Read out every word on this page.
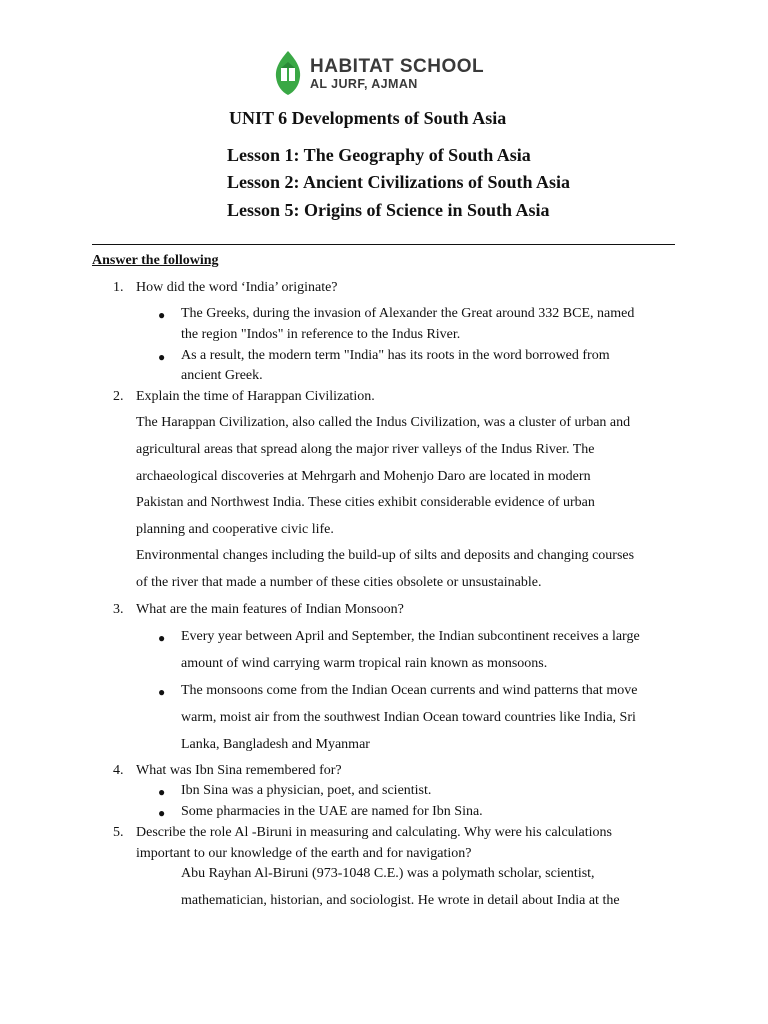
HABITAT SCHOOL
AL JURF, AJMAN
UNIT 6 Developments of South Asia
Lesson 1: The Geography of South Asia
Lesson 2: Ancient Civilizations of South Asia
Lesson 5: Origins of Science in South Asia
Answer the following
1. How did the word ‘India’ originate?
● The Greeks, during the invasion of Alexander the Great around 332 BCE, named
the region "Indos" in reference to the Indus River.
● As a result, the modern term "India" has its roots in the word borrowed from
ancient Greek.
2. Explain the time of Harappan Civilization.
The Harappan Civilization, also called the Indus Civilization, was a cluster of urban and
agricultural areas that spread along the major river valleys of the Indus River. The
archaeological discoveries at Mehrgarh and Mohenjo Daro are located in modern
Pakistan and Northwest India. These cities exhibit considerable evidence of urban
planning and cooperative civic life.
Environmental changes including the build-up of silts and deposits and changing courses
of the river that made a number of these cities obsolete or unsustainable.
3. What are the main features of Indian Monsoon?
● Every year between April and September, the Indian subcontinent receives a large
amount of wind carrying warm tropical rain known as monsoons.
● The monsoons come from the Indian Ocean currents and wind patterns that move
warm, moist air from the southwest Indian Ocean toward countries like India, Sri
Lanka, Bangladesh and Myanmar
4. What was Ibn Sina remembered for?
● Ibn Sina was a physician, poet, and scientist.
● Some pharmacies in the UAE are named for Ibn Sina.
5. Describe the role Al -Biruni in measuring and calculating. Why were his calculations
important to our knowledge of the earth and for navigation?
Abu Rayhan Al-Biruni (973-1048 C.E.) was a polymath scholar, scientist,
mathematician, historian, and sociologist. He wrote in detail about India at the
